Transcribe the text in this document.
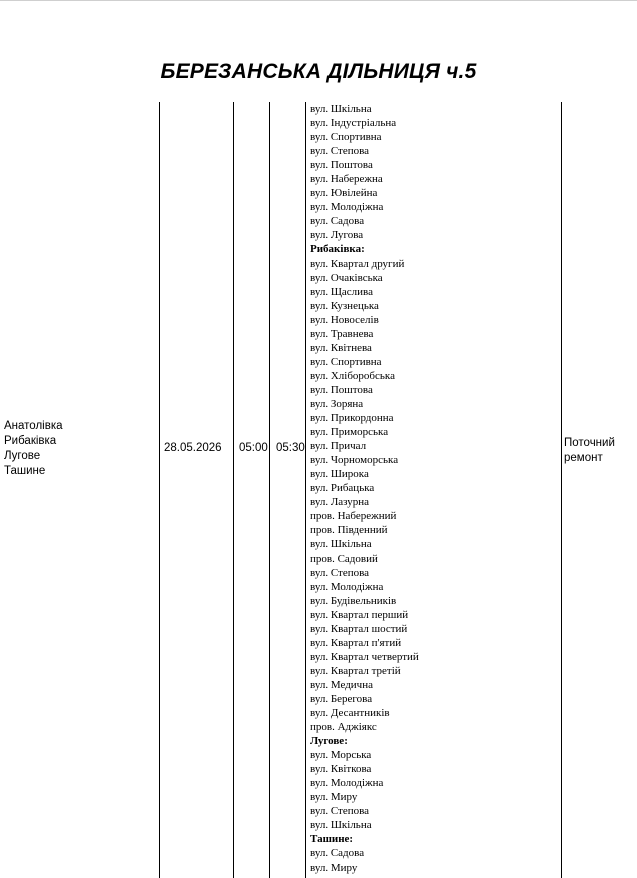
БЕРЕЗАНСЬКА ДІЛЬНИЦЯ ч.5
Анатолівка
Рибаківка
Лугове
Ташине
28.05.2026 05:00 05:30
вул. Шкільна
вул. Індустріальна
вул. Спортивна
вул. Степова
вул. Поштова
вул. Набережна
вул. Ювілейна
вул. Молодіжна
вул. Садова
вул. Лугова
Рибаківка:
вул. Квартал другий
вул. Очаківська
вул. Щаслива
вул. Кузнецька
вул. Новоселів
вул. Травнева
вул. Квітнева
вул. Спортивна
вул. Хліборобська
вул. Поштова
вул. Зоряна
вул. Прикордонна
вул. Приморська
вул. Причал
вул. Чорноморська
вул. Широка
вул. Рибацька
вул. Лазурна
пров. Набережний
пров. Південний
вул. Шкільна
пров. Садовий
вул. Степова
вул. Молодіжна
вул. Будівельників
вул. Квартал перший
вул. Квартал шостий
вул. Квартал п'ятий
вул. Квартал четвертий
вул. Квартал третій
вул. Медична
вул. Берегова
вул. Десантників
пров. Аджіякс
Лугове:
вул. Морська
вул. Квіткова
вул. Молодіжна
вул. Миру
вул. Степова
вул. Шкільна
Ташине:
вул. Садова
вул. Миру
Поточний
ремонт
